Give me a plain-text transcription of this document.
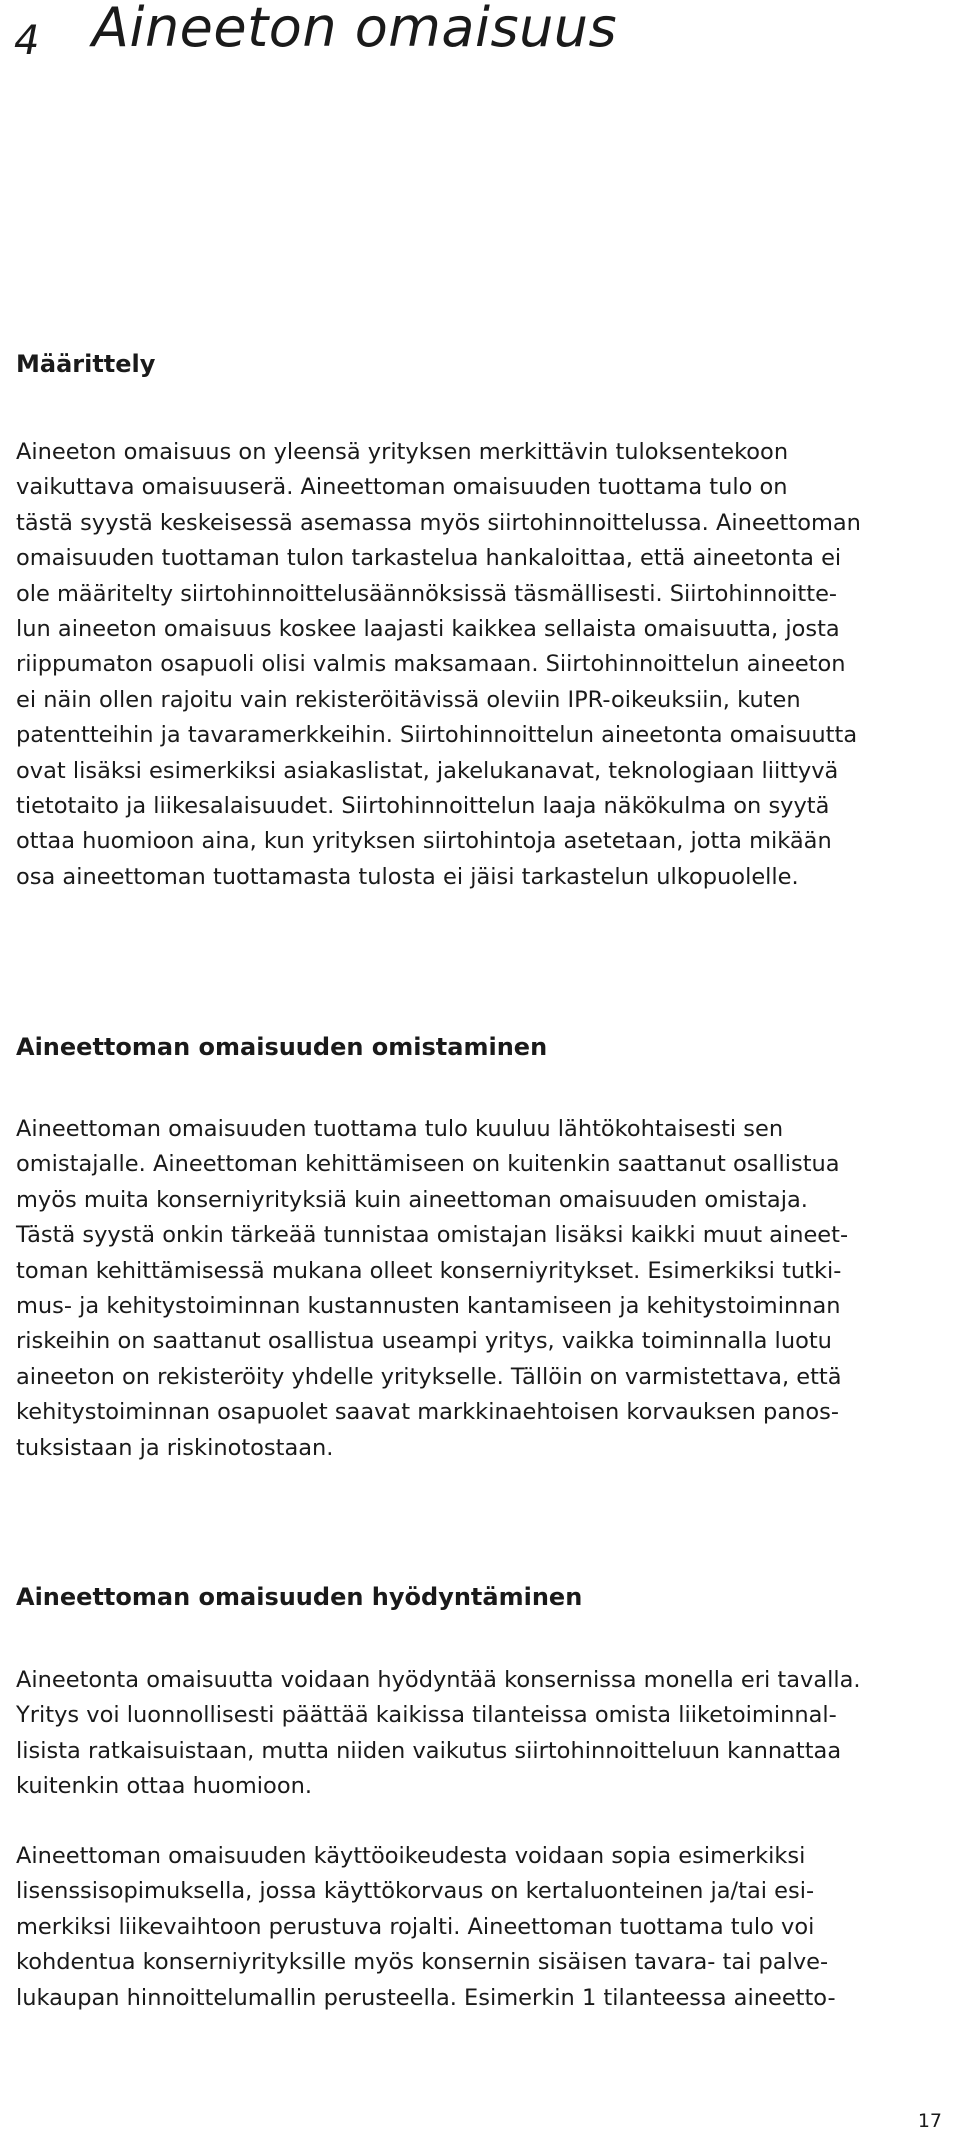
4 Aineeton omaisuus
Määrittely

Aineeton omaisuus on yleensä yrityksen merkittävin tuloksentekoon
vaikuttava omaisuuserä. Aineettoman omaisuuden tuottama tulo on
tästä syystä keskeisessä asemassa myös siirtohinnoittelussa. Aineettoman
omaisuuden tuottaman tulon tarkastelua hankaloittaa, että aineetonta ei
ole määritelty siirtohinnoittelusäännöksissä täsmällisesti. Siirtohinnoitte-
lun aineeton omaisuus koskee laajasti kaikkea sellaista omaisuutta, josta
riippumaton osapuoli olisi valmis maksamaan. Siirtohinnoittelun aineeton
ei näin ollen rajoitu vain rekisteröitävissä oleviin IPR-oikeuksiin, kuten
patentteihin ja tavaramerkkeihin. Siirtohinnoittelun aineetonta omaisuutta
ovat lisäksi esimerkiksi asiakaslistat, jakelukanavat, teknologiaan liittyvä
tietotaito ja liikesalaisuudet. Siirtohinnoittelun laaja näkökulma on syytä
ottaa huomioon aina, kun yrityksen siirtohintoja asetetaan, jotta mikään
osa aineettoman tuottamasta tulosta ei jäisi tarkastelun ulkopuolelle.

Aineettoman omaisuuden omistaminen

Aineettoman omaisuuden tuottama tulo kuuluu lähtökohtaisesti sen
omistajalle. Aineettoman kehittämiseen on kuitenkin saattanut osallistua
myös muita konserniyrityksiä kuin aineettoman omaisuuden omistaja.
Tästä syystä onkin tärkeää tunnistaa omistajan lisäksi kaikki muut aineet-
toman kehittämisessä mukana olleet konserniyritykset. Esimerkiksi tutki-
mus- ja kehitystoiminnan kustannusten kantamiseen ja kehitystoiminnan
riskeihin on saattanut osallistua useampi yritys, vaikka toiminnalla luotu
aineeton on rekisteröity yhdelle yritykselle. Tällöin on varmistettava, että
kehitystoiminnan osapuolet saavat markkinaehtoisen korvauksen panos-
tuksistaan ja riskinotostaan.

Aineettoman omaisuuden hyödyntäminen

Aineetonta omaisuutta voidaan hyödyntää konsernissa monella eri tavalla.
Yritys voi luonnollisesti päättää kaikissa tilanteissa omista liiketoiminnal-
lisista ratkaisuistaan, mutta niiden vaikutus siirtohinnoitteluun kannattaa
kuitenkin ottaa huomioon.

Aineettoman omaisuuden käyttöoikeudesta voidaan sopia esimerkiksi
lisenssisopimuksella, jossa käyttökorvaus on kertaluonteinen ja/tai esi-
merkiksi liikevaihtoon perustuva rojalti. Aineettoman tuottama tulo voi
kohdentua konserniyrityksille myös konsernin sisäisen tavara- tai palve-
lukaupan hinnoittelumallin perusteella. Esimerkin 1 tilanteessa aineetto-

17
